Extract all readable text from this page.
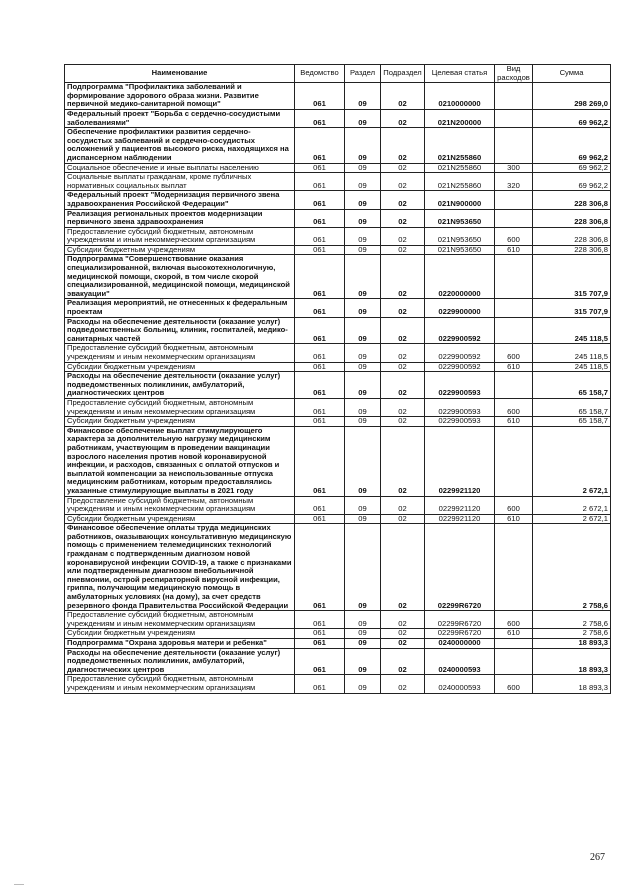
Наименование	Ведомство	Раздел	Подраздел	Целевая статья	Вид расходов	Сумма
Подпрограмма "Профилактика заболеваний и формирование здорового образа жизни. Развитие первичной медико-санитарной помощи"	061	09	02	0210000000		298 269,0
Федеральный проект "Борьба с сердечно-сосудистыми заболеваниями"	061	09	02	021N200000		69 962,2
Обеспечение профилактики развития сердечно-сосудистых заболеваний и сердечно-сосудистых осложнений у пациентов высокого риска, находящихся на диспансерном наблюдении	061	09	02	021N255860		69 962,2
Социальное обеспечение и иные выплаты населению	061	09	02	021N255860	300	69 962,2
Социальные выплаты гражданам, кроме публичных нормативных социальных выплат	061	09	02	021N255860	320	69 962,2
Федеральный проект "Модернизация первичного звена здравоохранения Российской Федерации"	061	09	02	021N900000		228 306,8
Реализация региональных проектов модернизации первичного звена здравоохранения	061	09	02	021N953650		228 306,8
Предоставление субсидий бюджетным, автономным учреждениям и иным некоммерческим организациям	061	09	02	021N953650	600	228 306,8
Субсидии бюджетным учреждениям	061	09	02	021N953650	610	228 306,8
Подпрограмма "Совершенствование оказания специализированной, включая высокотехнологичную, медицинской помощи, скорой, в том числе скорой специализированной, медицинской помощи, медицинской эвакуации"	061	09	02	0220000000		315 707,9
Реализация мероприятий, не отнесенных к федеральным проектам	061	09	02	0229900000		315 707,9
Расходы на обеспечение деятельности (оказание услуг) подведомственных больниц, клиник, госпиталей, медико-санитарных частей	061	09	02	0229900592		245 118,5
Предоставление субсидий бюджетным, автономным учреждениям и иным некоммерческим организациям	061	09	02	0229900592	600	245 118,5
Субсидии бюджетным учреждениям	061	09	02	0229900592	610	245 118,5
Расходы на обеспечение деятельности (оказание услуг) подведомственных поликлиник, амбулаторий, диагностических центров	061	09	02	0229900593		65 158,7
Предоставление субсидий бюджетным, автономным учреждениям и иным некоммерческим организациям	061	09	02	0229900593	600	65 158,7
Субсидии бюджетным учреждениям	061	09	02	0229900593	610	65 158,7
Финансовое обеспечение выплат стимулирующего характера за дополнительную нагрузку медицинским работникам, участвующим в проведении вакцинации взрослого населения против новой коронавирусной инфекции, и расходов, связанных с оплатой отпусков и выплатой компенсации за неиспользованные отпуска медицинским работникам, которым предоставлялись указанные стимулирующие выплаты в 2021 году	061	09	02	0229921120		2 672,1
Предоставление субсидий бюджетным, автономным учреждениям и иным некоммерческим организациям	061	09	02	0229921120	600	2 672,1
Субсидии бюджетным учреждениям	061	09	02	0229921120	610	2 672,1
Финансовое обеспечение оплаты труда медицинских работников, оказывающих консультативную медицинскую помощь с применением телемедицинских технологий гражданам с подтвержденным диагнозом новой коронавирусной инфекции COVID-19, а также с признаками или подтвержденным диагнозом внебольничной пневмонии, острой респираторной вирусной инфекции, гриппа, получающим медицинскую помощь в амбулаторных условиях (на дому), за счет средств резервного фонда Правительства Российской Федерации	061	09	02	02299R6720		2 758,6
Предоставление субсидий бюджетным, автономным учреждениям и иным некоммерческим организациям	061	09	02	02299R6720	600	2 758,6
Субсидии бюджетным учреждениям	061	09	02	02299R6720	610	2 758,6
Подпрограмма "Охрана здоровья матери и ребенка"	061	09	02	0240000000		18 893,3
Расходы на обеспечение деятельности (оказание услуг) подведомственных поликлиник, амбулаторий, диагностических центров	061	09	02	0240000593		18 893,3
Предоставление субсидий бюджетным, автономным учреждениям и иным некоммерческим организациям	061	09	02	0240000593	600	18 893,3
267
